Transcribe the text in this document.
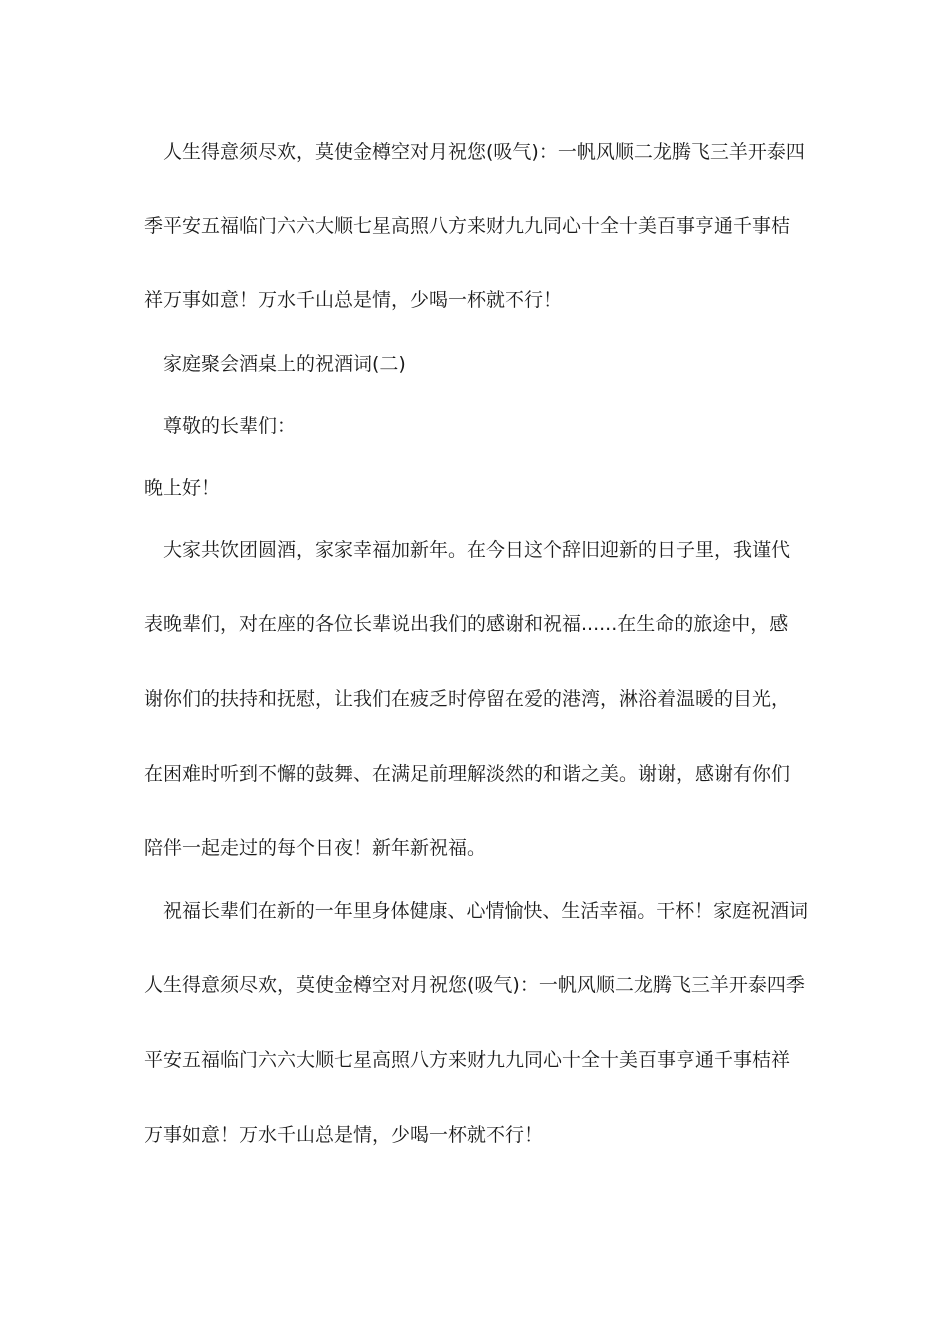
人生得意须尽欢，莫使金樽空对月祝您(吸气)：一帆风顺二龙腾飞三羊开泰四
季平安五福临门六六大顺七星高照八方来财九九同心十全十美百事亨通千事桔
祥万事如意！万水千山总是情，少喝一杯就不行！
家庭聚会酒桌上的祝酒词(二)
尊敬的长辈们：
晚上好！
大家共饮团圆酒，家家幸福加新年。在今日这个辞旧迎新的日子里，我谨代
表晚辈们，对在座的各位长辈说出我们的感谢和祝福......在生命的旅途中，感
谢你们的扶持和抚慰，让我们在疲乏时停留在爱的港湾，淋浴着温暖的目光，
在困难时听到不懈的鼓舞、在满足前理解淡然的和谐之美。谢谢，感谢有你们
陪伴一起走过的每个日夜！新年新祝福。
祝福长辈们在新的一年里身体健康、心情愉快、生活幸福。干杯！家庭祝酒词
人生得意须尽欢，莫使金樽空对月祝您(吸气)：一帆风顺二龙腾飞三羊开泰四季
平安五福临门六六大顺七星高照八方来财九九同心十全十美百事亨通千事桔祥
万事如意！万水千山总是情，少喝一杯就不行！
